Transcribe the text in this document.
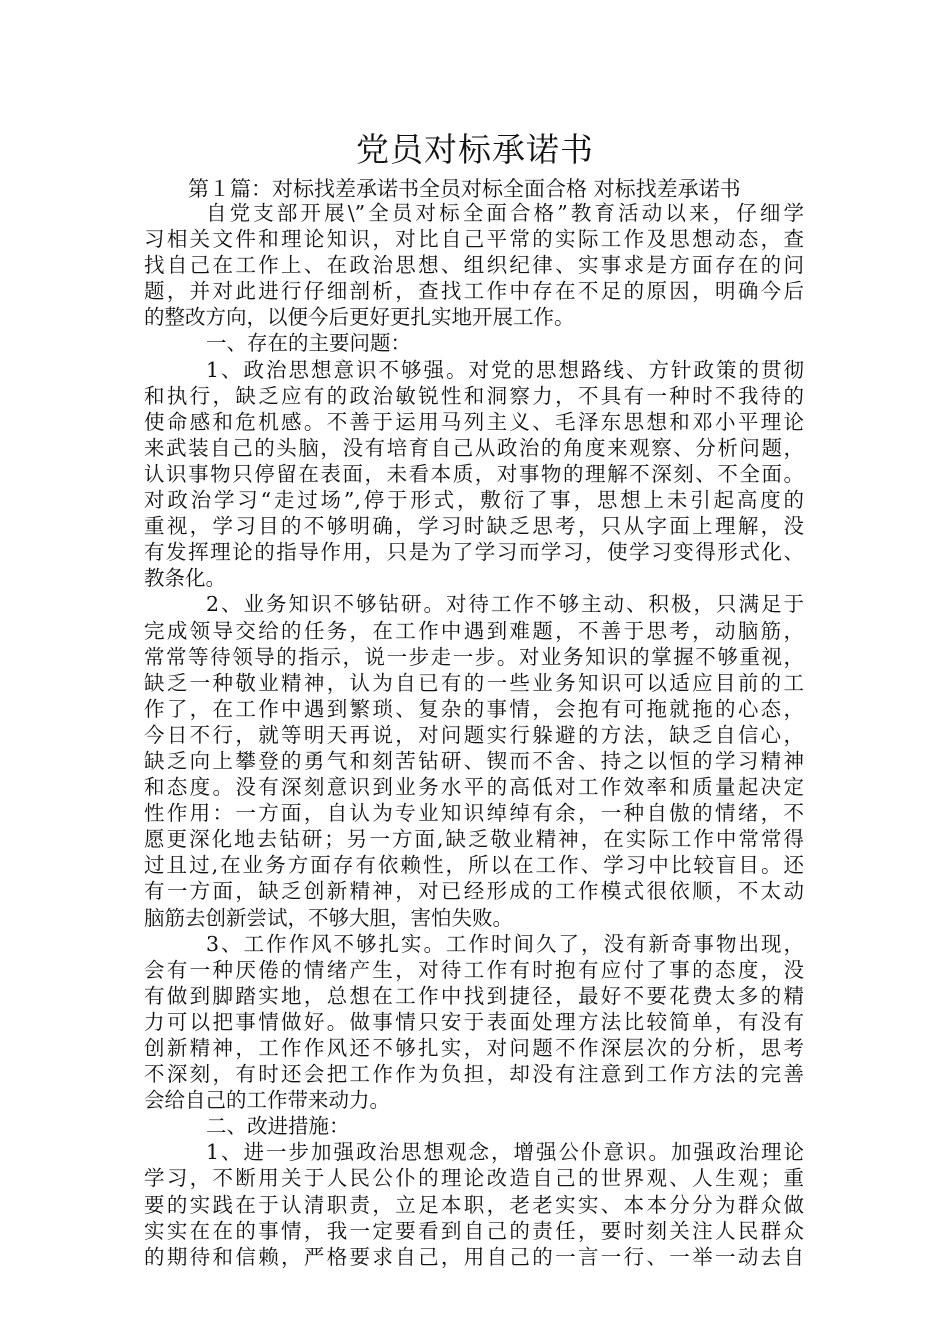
党员对标承诺书

第１篇：对标找差承诺书全员对标全面合格 对标找差承诺书

自党支部开展\”全员对标全面合格”教育活动以来，仔细学
习相关文件和理论知识，对比自己平常的实际工作及思想动态，查
找自己在工作上、在政治思想、组织纪律、实事求是方面存在的问
题，并对此进行仔细剖析，查找工作中存在不足的原因，明确今后
的整改方向，以便今后更好更扎实地开展工作。
一、存在的主要问题：
1、政治思想意识不够强。对党的思想路线、方针政策的贯彻
和执行，缺乏应有的政治敏锐性和洞察力，不具有一种时不我待的
使命感和危机感。不善于运用马列主义、毛泽东思想和邓小平理论
来武装自己的头脑，没有培育自己从政治的角度来观察、分析问题，
认识事物只停留在表面，未看本质，对事物的理解不深刻、不全面。
对政治学习“走过场”,停于形式，敷衍了事，思想上未引起高度的
重视，学习目的不够明确，学习时缺乏思考，只从字面上理解，没
有发挥理论的指导作用，只是为了学习而学习，使学习变得形式化、
教条化。
2、业务知识不够钻研。对待工作不够主动、积极，只满足于
完成领导交给的任务，在工作中遇到难题，不善于思考，动脑筋，
常常等待领导的指示，说一步走一步。对业务知识的掌握不够重视，
缺乏一种敬业精神，认为自已有的一些业务知识可以适应目前的工
作了，在工作中遇到繁琐、复杂的事情，会抱有可拖就拖的心态，
今日不行，就等明天再说，对问题实行躲避的方法，缺乏自信心，
缺乏向上攀登的勇气和刻苦钻研、锲而不舍、持之以恒的学习精神
和态度。没有深刻意识到业务水平的高低对工作效率和质量起决定
性作用：一方面，自认为专业知识绰绰有余，一种自傲的情绪，不
愿更深化地去钻研；另一方面,缺乏敬业精神，在实际工作中常常得
过且过,在业务方面存有依赖性，所以在工作、学习中比较盲目。还
有一方面，缺乏创新精神，对已经形成的工作模式很依顺，不太动
脑筋去创新尝试，不够大胆，害怕失败。
3、工作作风不够扎实。工作时间久了，没有新奇事物出现，
会有一种厌倦的情绪产生，对待工作有时抱有应付了事的态度，没
有做到脚踏实地，总想在工作中找到捷径，最好不要花费太多的精
力可以把事情做好。做事情只安于表面处理方法比较简单，有没有
创新精神，工作作风还不够扎实，对问题不作深层次的分析，思考
不深刻，有时还会把工作作为负担，却没有注意到工作方法的完善
会给自己的工作带来动力。
二、改进措施：
1、进一步加强政治思想观念，增强公仆意识。加强政治理论
学习，不断用关于人民公仆的理论改造自己的世界观、人生观；重
要的实践在于认清职责，立足本职，老老实实、本本分分为群众做
实实在在的事情，我一定要看到自己的责任，要时刻关注人民群众
的期待和信赖，严格要求自己，用自己的一言一行、一举一动去自
